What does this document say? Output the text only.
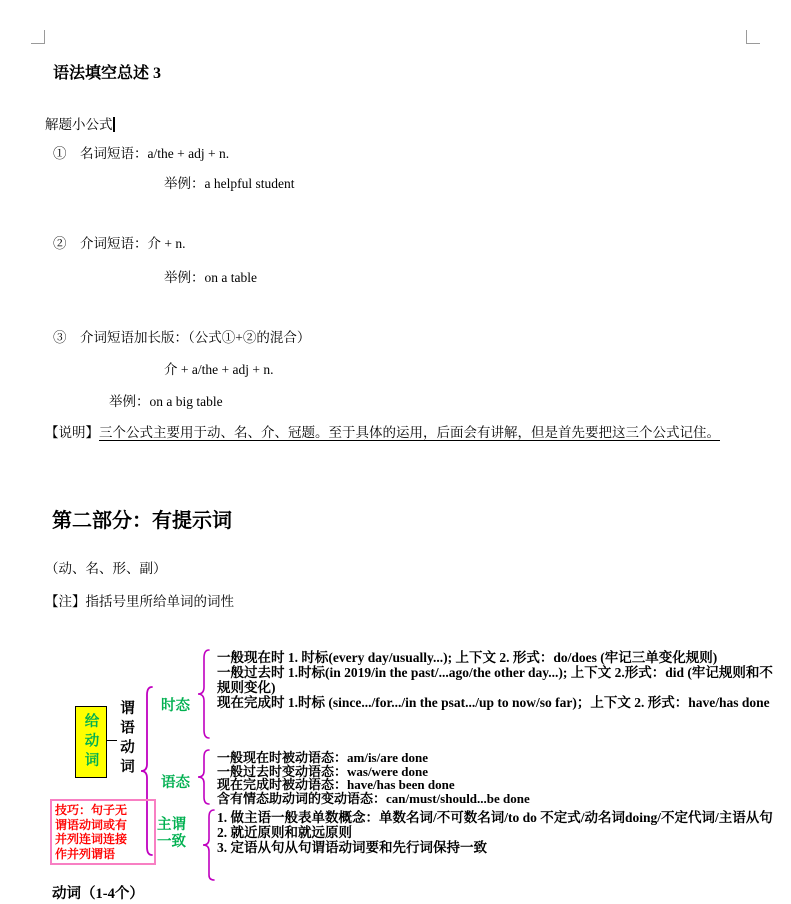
语法填空总述 3
解题小公式
①　名词短语：a/the + adj + n.
举例：a helpful student
②　介词短语：介 + n.
举例：on a table
③　介词短语加长版：（公式①+②的混合）
介 + a/the + adj + n.
举例：on a big table
【说明】三个公式主要用于动、名、介、冠题。至于具体的运用，后面会有讲解，但是首先要把这三个公式记住。
第二部分：有提示词
（动、名、形、副）
【注】指括号里所给单词的词性
给动词 谓语动词 时态
一般现在时 1. 时标(every day/usually...); 上下文 2. 形式：do/does (牢记三单变化规则)
一般过去时 1.时标(in 2019/in the past/...ago/the other day...); 上下文 2.形式：did (牢记规则和不规则变化)
现在完成时 1.时标 (since.../for.../in the psat.../up to now/so far)；上下文 2. 形式：have/has done
语态
一般现在时被动语态：am/is/are done
一般过去时变动语态：was/were done
现在完成时被动语态：have/has been done
含有情态助动词的变动语态：can/must/should...be done
主谓一致
1. 做主语一般表单数概念：单数名词/不可数名词/to do 不定式/动名词doing/不定代词/主语从句
2. 就近原则和就远原则
3. 定语从句从句谓语动词要和先行词保持一致
技巧：句子无
谓语动词或有
并列连词连接
作并列谓语
动词（1-4个）
